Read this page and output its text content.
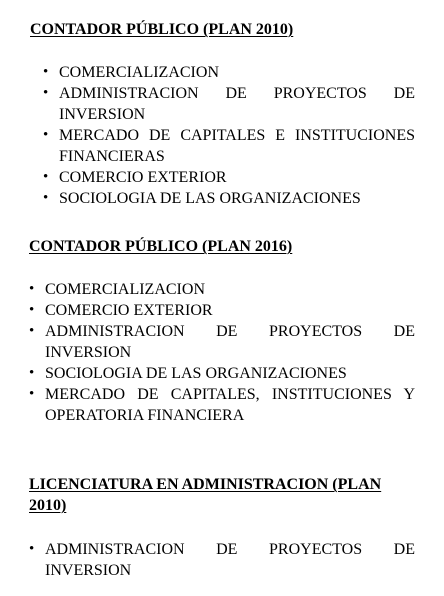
CONTADOR PÚBLICO (PLAN 2010)
• COMERCIALIZACION
• ADMINISTRACION DE PROYECTOS DE INVERSION
• MERCADO DE CAPITALES E INSTITUCIONES FINANCIERAS
• COMERCIO EXTERIOR
• SOCIOLOGIA DE LAS ORGANIZACIONES
CONTADOR PÚBLICO (PLAN 2016)
• COMERCIALIZACION
• COMERCIO EXTERIOR
• ADMINISTRACION DE PROYECTOS DE INVERSION
• SOCIOLOGIA DE LAS ORGANIZACIONES
• MERCADO DE CAPITALES, INSTITUCIONES Y OPERATORIA FINANCIERA
LICENCIATURA EN ADMINISTRACION (PLAN 2010)
• ADMINISTRACION DE PROYECTOS DE INVERSION
